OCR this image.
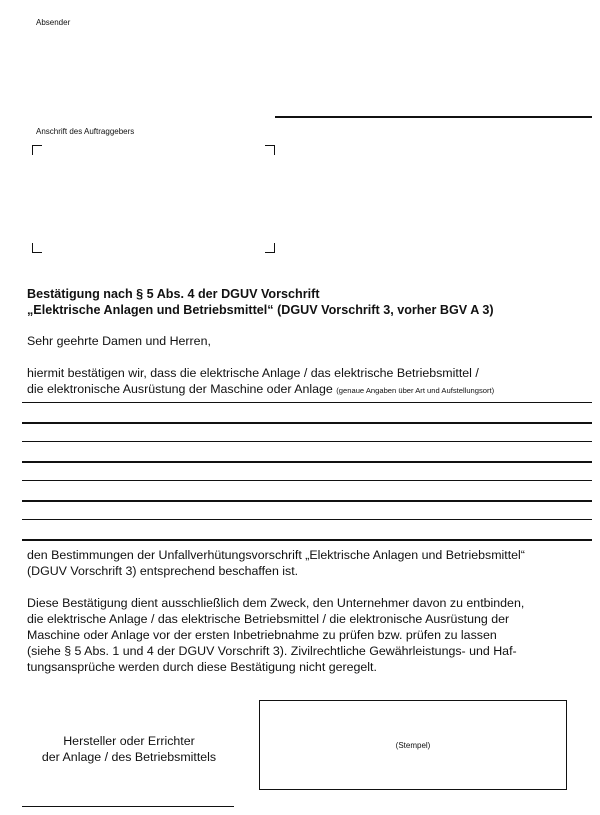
Absender
Anschrift des Auftraggebers
Bestätigung nach § 5 Abs. 4 der DGUV Vorschrift
„Elektrische Anlagen und Betriebsmittel“ (DGUV Vorschrift 3, vorher BGV A 3)
Sehr geehrte Damen und Herren,
hiermit bestätigen wir, dass die elektrische Anlage / das elektrische Betriebsmittel /
die elektronische Ausrüstung der Maschine oder Anlage (genaue Angaben über Art und Aufstellungsort)
den Bestimmungen der Unfallverhütungsvorschrift „Elektrische Anlagen und Betriebsmittel“
(DGUV Vorschrift 3) entsprechend beschaffen ist.
Diese Bestätigung dient ausschließlich dem Zweck, den Unternehmer davon zu entbinden,
die elektrische Anlage / das elektrische Betriebsmittel / die elektronische Ausrüstung der
Maschine oder Anlage vor der ersten Inbetriebnahme zu prüfen bzw. prüfen zu lassen
(siehe § 5 Abs. 1 und 4 der DGUV Vorschrift 3). Zivilrechtliche Gewährleistungs- und Haf-
tungsansprüche werden durch diese Bestätigung nicht geregelt.
Hersteller oder Errichter
der Anlage / des Betriebsmittels
(Stempel)
